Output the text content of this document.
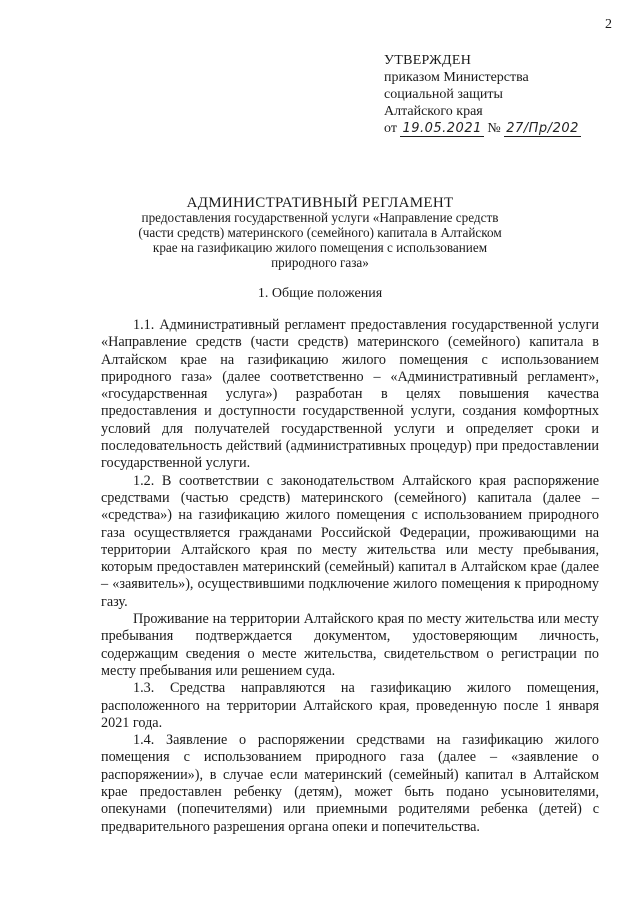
2
УТВЕРЖДЕН
приказом Министерства
социальной защиты
Алтайского края
от 19.05.2021 № 27/Пр/202
АДМИНИСТРАТИВНЫЙ РЕГЛАМЕНТ
предоставления государственной услуги «Направление средств
(части средств) материнского (семейного) капитала в Алтайском
крае на газификацию жилого помещения с использованием
природного газа»
1. Общие положения

1.1. Административный регламент предоставления государственной услуги «Направление средств (части средств) материнского (семейного) капитала в Алтайском крае на газификацию жилого помещения с использованием природного газа» (далее соответственно – «Административный регламент», «государственная услуга») разработан в целях повышения качества предоставления и доступности государственной услуги, создания комфортных условий для получателей государственной услуги и определяет сроки и последовательность действий (административных процедур) при предоставлении государственной услуги.

1.2. В соответствии с законодательством Алтайского края распоряжение средствами (частью средств) материнского (семейного) капитала (далее – «средства») на газификацию жилого помещения с использованием природного газа осуществляется гражданами Российской Федерации, проживающими на территории Алтайского края по месту жительства или месту пребывания, которым предоставлен материнский (семейный) капитал в Алтайском крае (далее – «заявитель»), осуществившими подключение жилого помещения к природному газу.

Проживание на территории Алтайского края по месту жительства или месту пребывания подтверждается документом, удостоверяющим личность, содержащим сведения о месте жительства, свидетельством о регистрации по месту пребывания или решением суда.

1.3. Средства направляются на газификацию жилого помещения, расположенного на территории Алтайского края, проведенную после 1 января 2021 года.

1.4. Заявление о распоряжении средствами на газификацию жилого помещения с использованием природного газа (далее – «заявление о распоряжении»), в случае если материнский (семейный) капитал в Алтайском крае предоставлен ребенку (детям), может быть подано усыновителями, опекунами (попечителями) или приемными родителями ребенка (детей) с предварительного разрешения органа опеки и попечительства.
